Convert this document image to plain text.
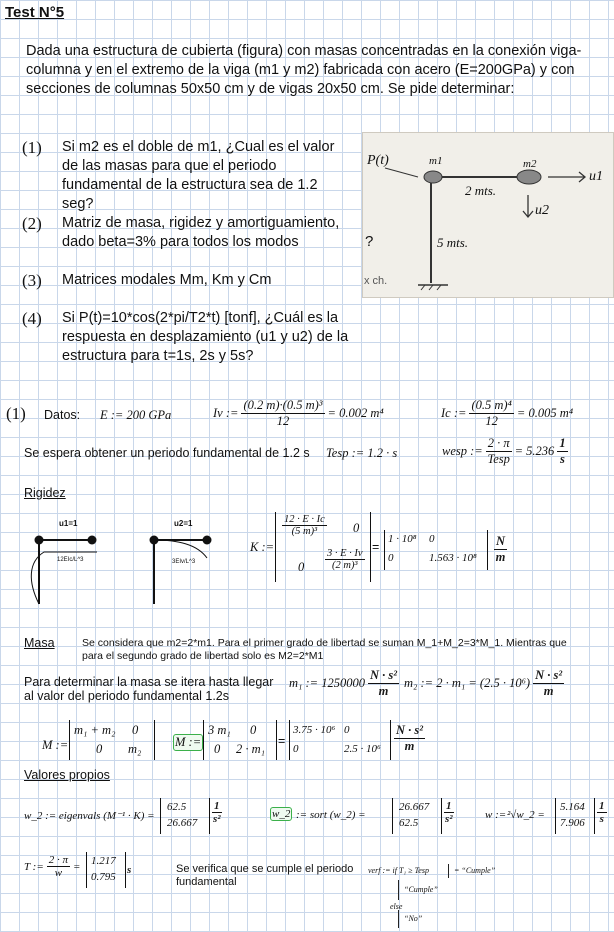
Test N°5
Dada una estructura de cubierta (figura) con masas concentradas en la conexión viga-columna y en el extremo de la viga (m1 y m2) fabricada con acero (E=200GPa) y con secciones de columnas 50x50 cm y de vigas 20x50 cm. Se pide determinar:
(1) Si m2 es el doble de m1, ¿Cual es el valor de las masas para que el periodo fundamental de la estructura sea de 1.2 seg?
(2) Matriz de masa, rigidez y amortiguamiento, dado beta=3% para todos los modos
(3) Matrices modales Mm, Km y Cm
(4) Si P(t)=10*cos(2*pi/T2*t) [tonf], ¿Cuál es la respuesta en desplazamiento (u1 y u2) de la estructura para t=1s, 2s y 5s?
P(t)	m1	m2
2 mts.
5 mts.
u1
u2
?
x ch.
(1) Datos: E := 200 GPa	Iv := $\frac{\text{(0.2 m)·(0.5 m)³}}{12} = 0.002$ m⁴	Ic := $\frac{\text{(0.5 m)⁴}}{12} = 0.005$ m⁴
Se espera obtener un periodo fundamental de 1.2 s Tesp := 1.2 · s	wesp := $\frac{2 \cdot \pi}{\text{Tesp}} = 5.236 \frac{1}{s}$
Rigidez
u1=1	u2=1
12EIc/L^3	3EIv/L^3
K :=
$\frac{12 \cdot E \cdot Ic}{\text{(5 m)³}} 0$
$0 \frac{3 \cdot E \cdot Iv}{\text{(2 m)³}}$
=
1 · 10⁸ 0
0	$1.563 \cdot 10^8 \frac{N}{m}$
Masa	Se considera que m2=2*m1. Para el primer grado de libertad se suman M_1+M_2=3*M_1. Mientras que para el segundo grado de libertad solo es M2=2*M1
Para determinar la masa se itera hasta llegar al valor del periodo fundamental 1.2s
m₁ := $1250000 \frac{\text{N · s²}}{m} m_2$ := $2 \cdot m_1 = (2.5 \cdot 10^6) \frac{\text{N · s²}}{m}$
M :=
m₁ + m₂ 0
0 m₂	M :=
3 m₁ 0
0 2 · m₁
=
3.75 · 10⁶ 0
0	$2.5 \cdot 10^6 \frac{\text{N · s²}}{m}$
Valores propios
w_2 := eigenvals (M⁻¹ · K) =
62.5
$26.667 \frac{1}{\text{s²}}$	w_2 := sort (w_2) =
26.667
$62.5 \frac{1}{\text{s²}}$	w := ²√w_2 =
5.164
$7.906 \frac{1}{s}$
T := $\frac{2 \cdot \pi}{w} = 1.217$
0.795
s	Se verifica que se cumple el periodo fundamental
verf := if T₁ ≥ Tesp	= “Cumple”
“Cumple”
else
“No”
